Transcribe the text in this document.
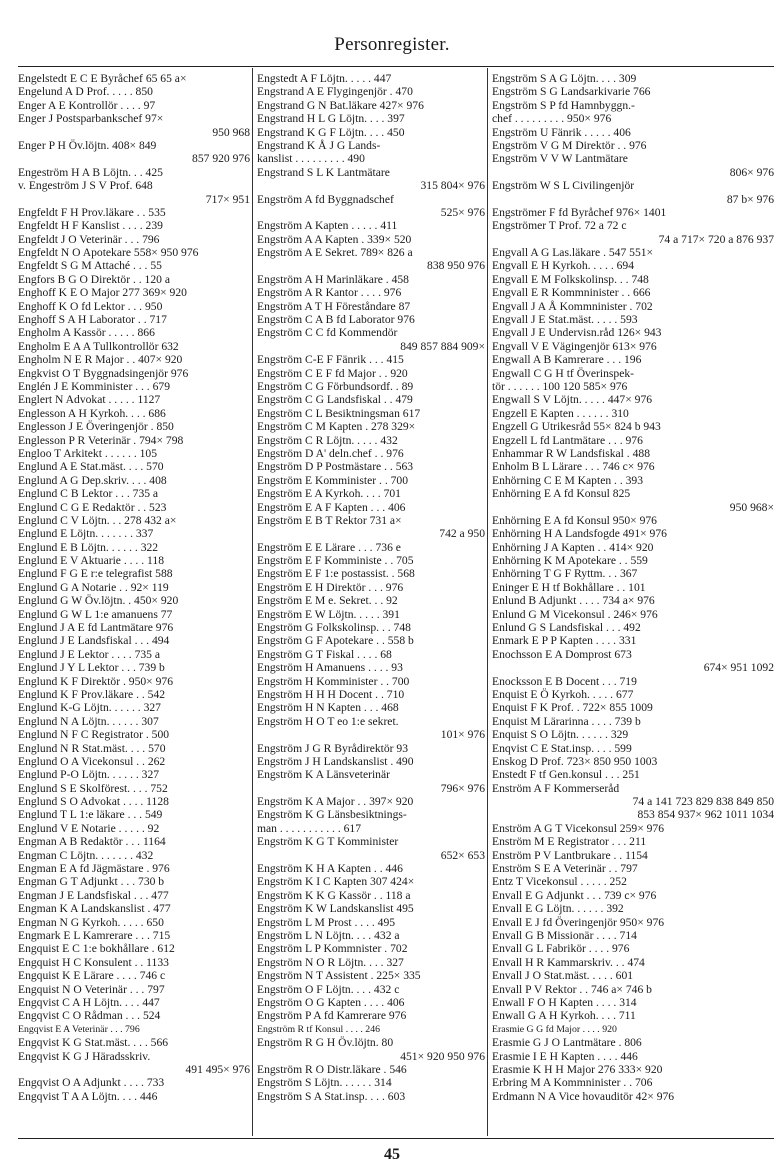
Personregister.
Engelstedt E C E Byråchef 65 65 a×
Engelund A D Prof. . . . . 850
Enger A E Kontrollör . . . . 97
Enger J Postsparbankschef 97×
950 968
Enger P H Öv.löjtn. 408× 849
857 920 976
Engeström H A B Löjtn. . . 425
v. Engeström J S V Prof. 648
717× 951
Engfeldt F H Prov.läkare . . 535
Engfeldt H F Kanslist . . . . 239
Engfeldt J O Veterinär . . . 796
Engfeldt N O Apotekare 558× 950 976
Engfeldt S G M Attaché . . . 55
Engfors B G O Direktör . . 120 a
Enghoff K E O Major 277 369× 920
Enghoff K O fd Lektor . . . 950
Enghoff S A H Laborator . . 717
Engholm A Kassör . . . . . 866
Engholm E A A Tullkontrollör 632
Engholm N E R Major . . 407× 920
Engkvist O T Byggnadsingenjör 976
Englén J E Komminister . . . 679
Englert N Advokat . . . . . 1127
Englesson A H Kyrkoh. . . . 686
Englesson J E Överingenjör . 850
Englesson P R Veterinär . 794× 798
Engloo T Arkitekt . . . . . . 105
Englund A E Stat.mäst. . . . 570
Englund A G Dep.skriv. . . . 408
Englund C B Lektor . . . 735 a
Englund C G E Redaktör . . 523
Englund C V Löjtn. . . 278 432 a×
Englund E Löjtn. . . . . . . 337
Englund E B Löjtn. . . . . . 322
Englund E V Aktuarie . . . . 118
Englund F G E r:e telegrafist 588
Englund G A Notarie . . 92× 119
Englund G W Öv.löjtn. . 450× 920
Englund G W L 1:e amanuens 77
Englund J A E fd Lantmätare 976
Englund J E Landsfiskal . . . 494
Englund J E Lektor . . . . 735 a
Englund J Y L Lektor . . . 739 b
Englund K F Direktör . 950× 976
Englund K F Prov.läkare . . 542
Englund K-G Löjtn. . . . . . 327
Englund N A Löjtn. . . . . . 307
Englund N F C Registrator . 500
Englund N R Stat.mäst. . . . 570
Englund O A Vicekonsul . . 262
Englund P-O Löjtn. . . . . . 327
Englund S E Skolförest. . . . 752
Englund S O Advokat . . . . 1128
Englund T L 1:e läkare . . . 549
Englund V E Notarie . . . . . 92
Engman A B Redaktör . . . 1164
Engman C Löjtn. . . . . . . 432
Engman E A fd Jägmästare . 976
Engman G T Adjunkt . . . 730 b
Engman J E Landsfiskal . . . 477
Engman K A Landskanslist . 477
Engman N G Kyrkoh. . . . . 650
Engmark E L Kamrerare . . . 715
Engquist E C 1:e bokhållare . 612
Engquist H C Konsulent . . 1133
Engquist K E Lärare . . . . 746 c
Engquist N O Veterinär . . . 797
Engqvist C A H Löjtn. . . . 447
Engqvist C O Rådman . . . 524
Engqvist E A Veterinär . . . 796
Engqvist K G Stat.mäst. . . . 566
Engqvist K G J Häradsskriv.
491 495× 976
Engqvist O A Adjunkt . . . . 733
Engqvist T A A Löjtn. . . . 446
Engstedt A F Löjtn. . . . . 447
Engstrand A E Flygingenjör . 470
Engstrand G N Bat.läkare 427× 976
Engstrand H L G Löjtn. . . . 397
Engstrand K G F Löjtn. . . . 450
Engstrand K Å J G Lands-
kanslist . . . . . . . . . 490
Engstrand S L K Lantmätare
315 804× 976
Engström A fd Byggnadschef
525× 976
Engström A Kapten . . . . . 411
Engström A A Kapten . 339× 520
Engström A E Sekret. 789× 826 a
838 950 976
Engström A H Marinläkare . 458
Engström A R Kantor . . . . 976
Engström A T H Föreståndare 87
Engström C A B fd Laborator 976
Engström C C fd Kommendör
849 857 884 909×
Engström C-E F Fänrik . . . 415
Engström C E F fd Major . . 920
Engström C G Förbundsordf. . 89
Engström C G Landsfiskal . . 479
Engström C L Besiktningsman 617
Engström C M Kapten . 278 329×
Engström C R Löjtn. . . . . 432
Engström D A' deln.chef . . 976
Engström D P Postmästare . . 563
Engström E Komminister . . 700
Engström E A Kyrkoh. . . . 701
Engström E A F Kapten . . . 406
Engström E B T Rektor 731 a×
742 a 950
Engström E E Lärare . . . 736 e
Engström E F Komministe . . 705
Engström E F 1:e postassist. . 568
Engström E H Direktör . . . 976
Engström E M e. Sekret. . . 92
Engström E W Löjtn. . . . . 391
Engström G Folkskolinsp. . . 748
Engström G F Apotekare . . 558 b
Engström G T Fiskal . . . . 68
Engström H Amanuens . . . . 93
Engström H Komminister . . 700
Engström H H H Docent . . 710
Engström H N Kapten . . . 468
Engström H O T eo 1:e sekret.
101× 976
Engström J G R Byrådirektör 93
Engström J H Landskanslist . 490
Engström K A Länsveterinär
796× 976
Engström K A Major . . 397× 920
Engström K G Länsbesiktnings-
man . . . . . . . . . . . 617
Engström K G T Komminister
652× 653
Engström K H A Kapten . . 446
Engström K I C Kapten 307 424×
Engström K K G Kassör . . 118 a
Engström K W Landskanslist 495
Engström L M Prost . . . . 495
Engström L N Löjtn. . . . 432 a
Engström L P Kommnister . 702
Engström N O R Löjtn. . . . 327
Engström N T Assistent . 225× 335
Engström O F Löjtn. . . . 432 c
Engström O G Kapten . . . . 406
Engström P A fd Kamrerare 976
Engström R tf Konsul . . . . 246
Engström R G H Öv.löjtn. 80
451× 920 950 976
Engström R O Distr.läkare . 546
Engström S Löjtn. . . . . . 314
Engström S A Stat.insp. . . . 603
Engström S A G Löjtn. . . . 309
Engström S G Landsarkivarie 766
Engström S P fd Hamnbyggn.-
chef . . . . . . . . . 950× 976
Engström U Fänrik . . . . . 406
Engström V G M Direktör . . 976
Engström V V W Lantmätare
806× 976
Engström W S L Civilingenjör
87 b× 976
Engströmer F fd Byråchef 976× 1401
Engströmer T Prof. 72 a 72 c
74 a 717× 720 a 876 937
Engvall A G Las.läkare . 547 551×
Engvall E H Kyrkoh. . . . . 694
Engvall E M Folkskolinsp. . . 748
Engvall E R Kommninister . . 666
Engvall J A Å Kommninister . 702
Engvall J E Stat.mäst. . . . . 593
Engvall J E Undervisn.råd 126× 943
Engvall V E Vägingenjör 613× 976
Engwall A B Kamrerare . . . 196
Engwall C G H tf Överinspek-
tör . . . . . . 100 120 585× 976
Engwall S V Löjtn. . . . . 447× 976
Engzell E Kapten . . . . . . 310
Engzell G Utrikesråd 55× 824 b 943
Engzell L fd Lantmätare . . . 976
Enhammar R W Landsfiskal . 488
Enholm B L Lärare . . . 746 c× 976
Enhörning C E M Kapten . . 393
Enhörning E A fd Konsul 825
950 968×
Enhörning E A fd Konsul 950× 976
Enhörning H A Landsfogde 491× 976
Enhörning J A Kapten . . 414× 920
Enhörning K M Apotekare . . 559
Enhörning T G F Ryttm. . . 367
Eninger E H tf Bokhållare . . 101
Enlund B Adjunkt . . . . 734 a× 976
Enlund G M Vicekonsul . 246× 976
Enlund G S Landsfiskal . . . 492
Enmark E P P Kapten . . . . 331
Enochsson E A Domprost 673
674× 951 1092
Enocksson E B Docent . . . 719
Enquist E Ö Kyrkoh. . . . . 677
Enquist F K Prof. . 722× 855 1009
Enquist M Lärarinna . . . . 739 b
Enquist S O Löjtn. . . . . . 329
Enqvist C E Stat.insp. . . . 599
Enskog D Prof. 723× 850 950 1003
Enstedt F tf Gen.konsul . . . 251
Enström A F Kommerseråd
74 a 141 723 829 838 849 850
853 854 937× 962 1011 1034
Enström A G T Vicekonsul 259× 976
Enström M E Registrator . . . 211
Enström P V Lantbrukare . . 1154
Enström S E A Veterinär . . 797
Entz T Vicekonsul . . . . . 252
Envall E G Adjunkt . . . 739 c× 976
Envall E G Löjtn. . . . . . 392
Envall E J fd Överingenjör 950× 976
Envall G B Missionär . . . . 714
Envall G L Fabrikör . . . . 976
Envall H R Kammarskriv. . . 474
Envall J O Stat.mäst. . . . . 601
Envall P V Rektor . . 746 a× 746 b
Enwall F O H Kapten . . . . 314
Enwall G A H Kyrkoh. . . . 711
Erasmie G G fd Major . . . . 920
Erasmie G J O Lantmätare . 806
Erasmie I E H Kapten . . . . 446
Erasmie K H H Major 276 333× 920
Erbring M A Kommninister . . 706
Erdmann N A Vice hovauditör 42× 976
45
